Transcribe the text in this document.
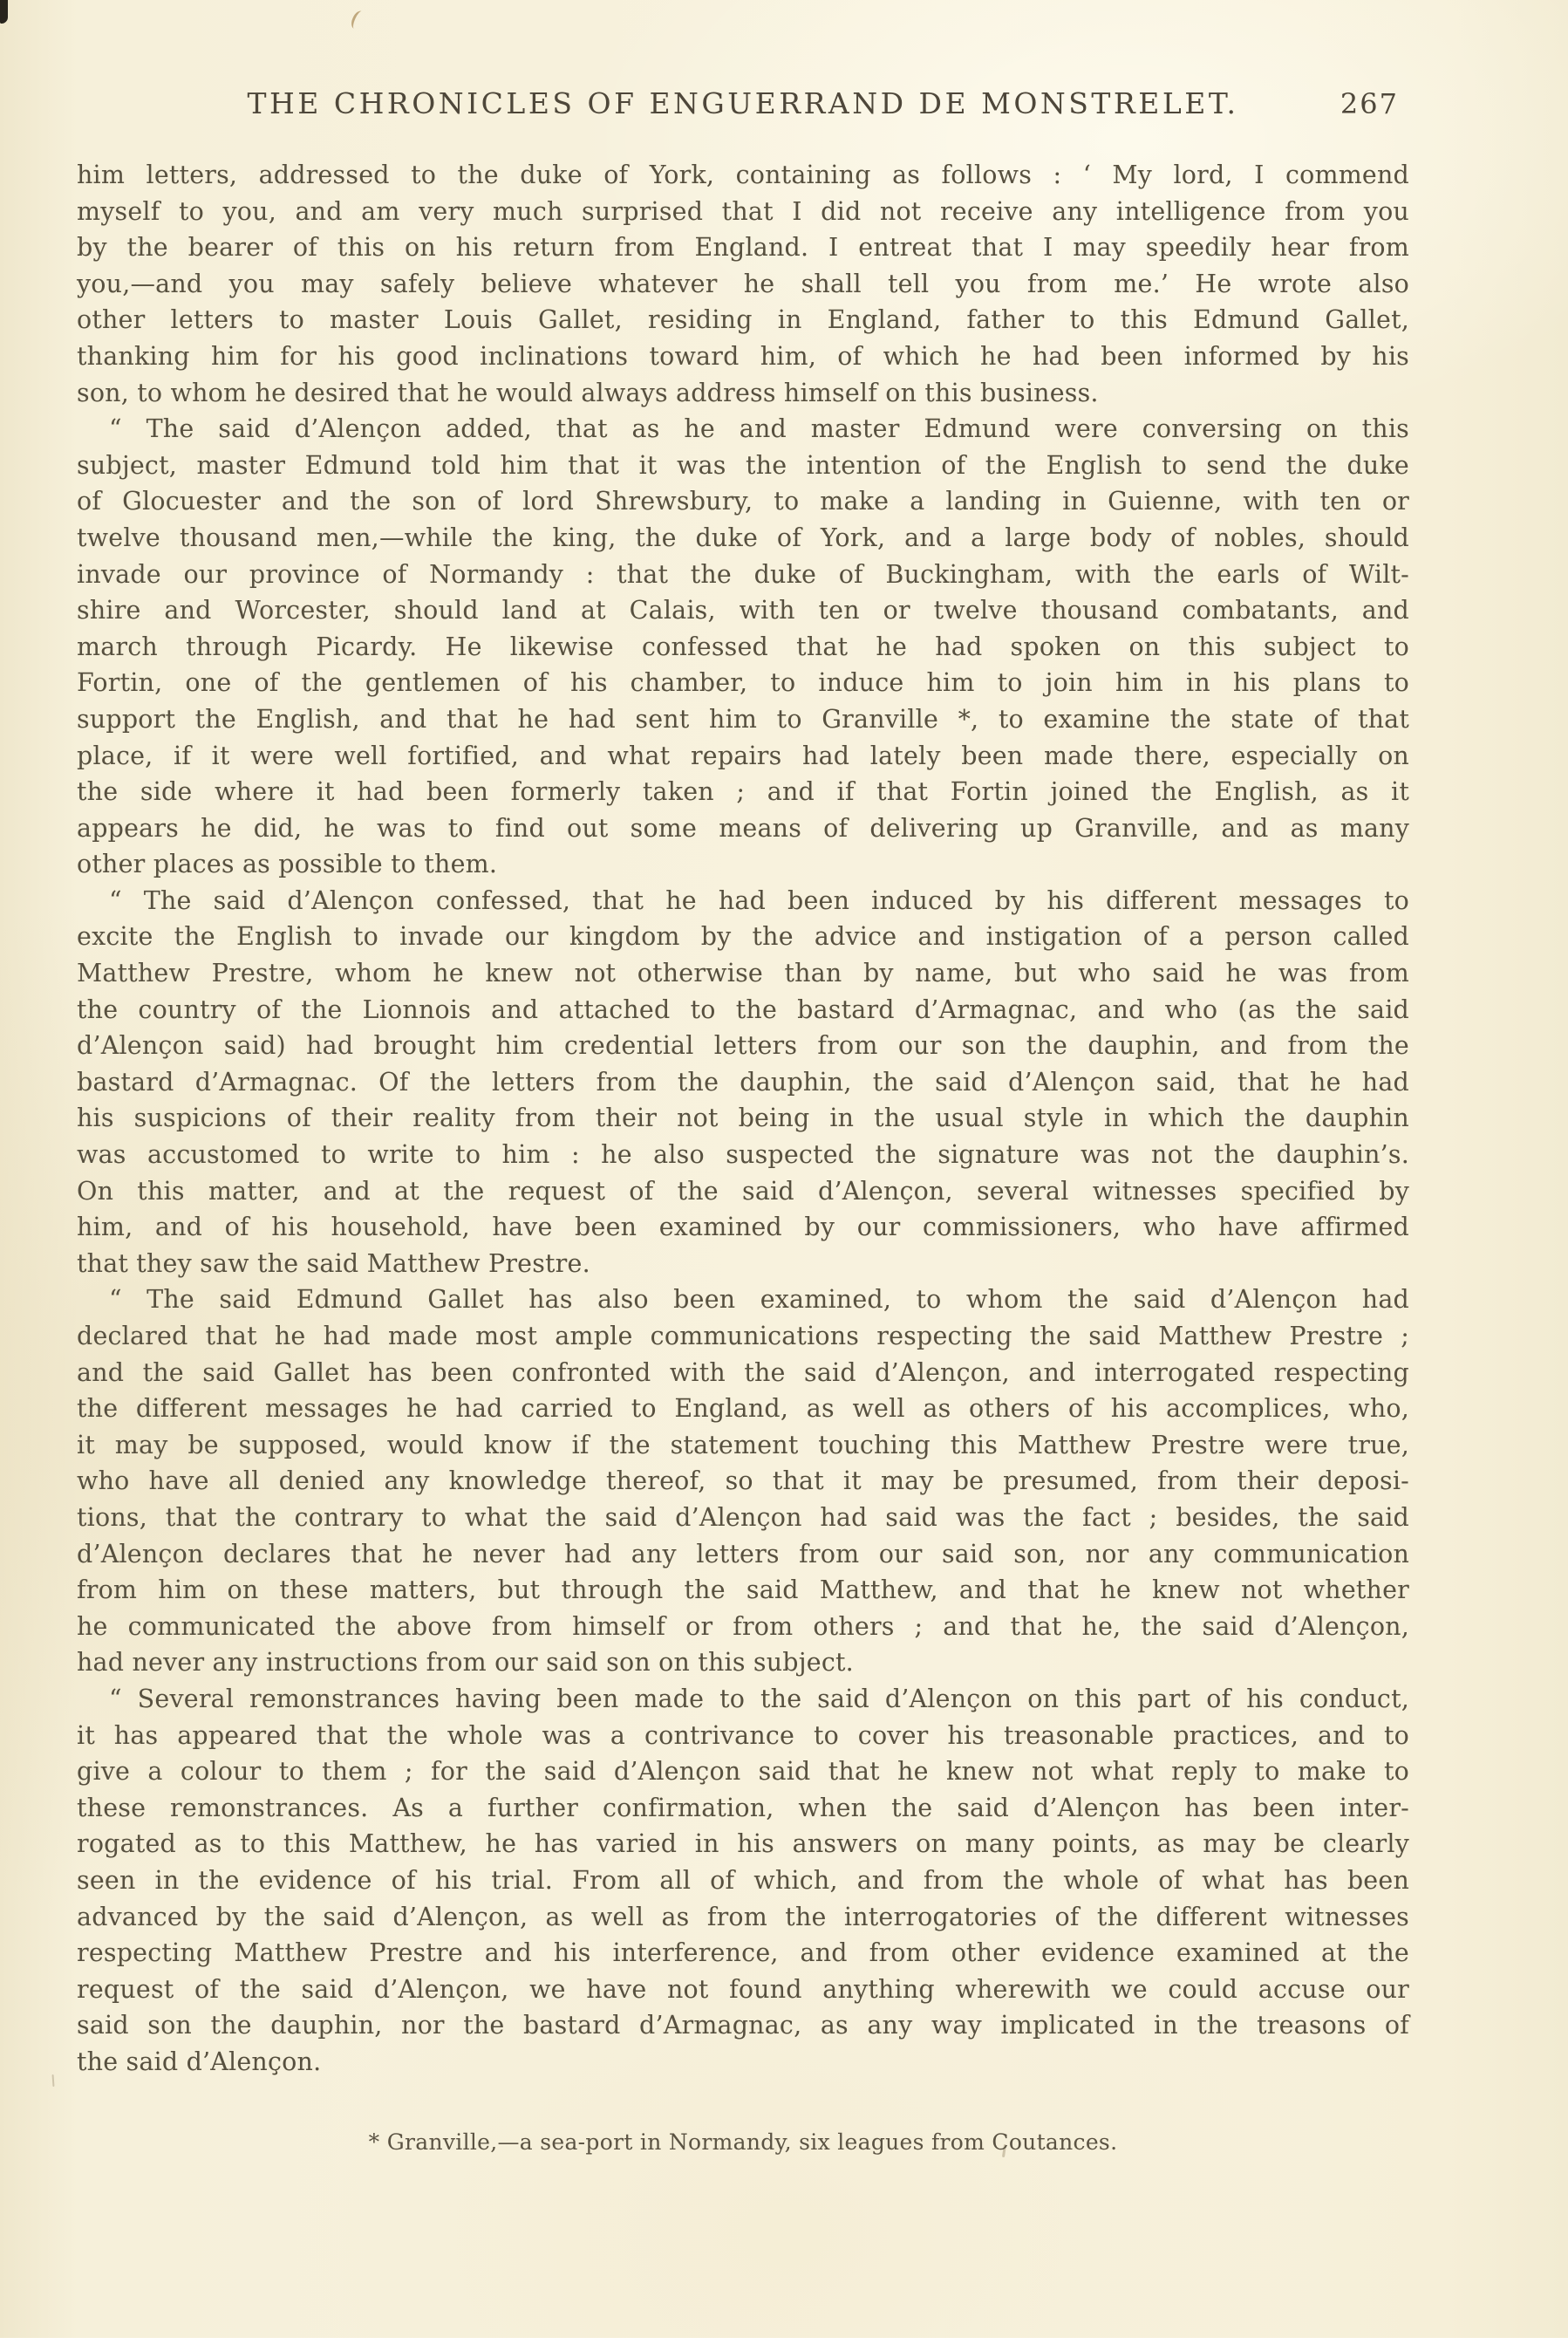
THE CHRONICLES OF ENGUERRAND DE MONSTRELET.	267
him letters, addressed to the duke of York, containing as follows : ‘ My lord, I commend
myself to you, and am very much surprised that I did not receive any intelligence from you
by the bearer of this on his return from England. I entreat that I may speedily hear from
you,—and you may safely believe whatever he shall tell you from me.’ He wrote also
other letters to master Louis Gallet, residing in England, father to this Edmund Gallet,
thanking him for his good inclinations toward him, of which he had been informed by his
son, to whom he desired that he would always address himself on this business.
“ The said d’Alençon added, that as he and master Edmund were conversing on this
subject, master Edmund told him that it was the intention of the English to send the duke
of Glocuester and the son of lord Shrewsbury, to make a landing in Guienne, with ten or
twelve thousand men,—while the king, the duke of York, and a large body of nobles, should
invade our province of Normandy : that the duke of Buckingham, with the earls of Wilt-
shire and Worcester, should land at Calais, with ten or twelve thousand combatants, and
march through Picardy. He likewise confessed that he had spoken on this subject to
Fortin, one of the gentlemen of his chamber, to induce him to join him in his plans to
support the English, and that he had sent him to Granville *, to examine the state of that
place, if it were well fortified, and what repairs had lately been made there, especially on
the side where it had been formerly taken ; and if that Fortin joined the English, as it
appears he did, he was to find out some means of delivering up Granville, and as many
other places as possible to them.
“ The said d’Alençon confessed, that he had been induced by his different messages to
excite the English to invade our kingdom by the advice and instigation of a person called
Matthew Prestre, whom he knew not otherwise than by name, but who said he was from
the country of the Lionnois and attached to the bastard d’Armagnac, and who (as the said
d’Alençon said) had brought him credential letters from our son the dauphin, and from the
bastard d’Armagnac. Of the letters from the dauphin, the said d’Alençon said, that he had
his suspicions of their reality from their not being in the usual style in which the dauphin
was accustomed to write to him : he also suspected the signature was not the dauphin’s.
On this matter, and at the request of the said d’Alençon, several witnesses specified by
him, and of his household, have been examined by our commissioners, who have affirmed
that they saw the said Matthew Prestre.
“ The said Edmund Gallet has also been examined, to whom the said d’Alençon had
declared that he had made most ample communications respecting the said Matthew Prestre ;
and the said Gallet has been confronted with the said d’Alençon, and interrogated respecting
the different messages he had carried to England, as well as others of his accomplices, who,
it may be supposed, would know if the statement touching this Matthew Prestre were true,
who have all denied any knowledge thereof, so that it may be presumed, from their deposi-
tions, that the contrary to what the said d’Alençon had said was the fact ; besides, the said
d’Alençon declares that he never had any letters from our said son, nor any communication
from him on these matters, but through the said Matthew, and that he knew not whether
he communicated the above from himself or from others ; and that he, the said d’Alençon,
had never any instructions from our said son on this subject.
“ Several remonstrances having been made to the said d’Alençon on this part of his conduct,
it has appeared that the whole was a contrivance to cover his treasonable practices, and to
give a colour to them ; for the said d’Alençon said that he knew not what reply to make to
these remonstrances. As a further confirmation, when the said d’Alençon has been inter-
rogated as to this Matthew, he has varied in his answers on many points, as may be clearly
seen in the evidence of his trial. From all of which, and from the whole of what has been
advanced by the said d’Alençon, as well as from the interrogatories of the different witnesses
respecting Matthew Prestre and his interference, and from other evidence examined at the
request of the said d’Alençon, we have not found anything wherewith we could accuse our
said son the dauphin, nor the bastard d’Armagnac, as any way implicated in the treasons of
the said d’Alençon.
* Granville,—a sea-port in Normandy, six leagues from Coutances.
